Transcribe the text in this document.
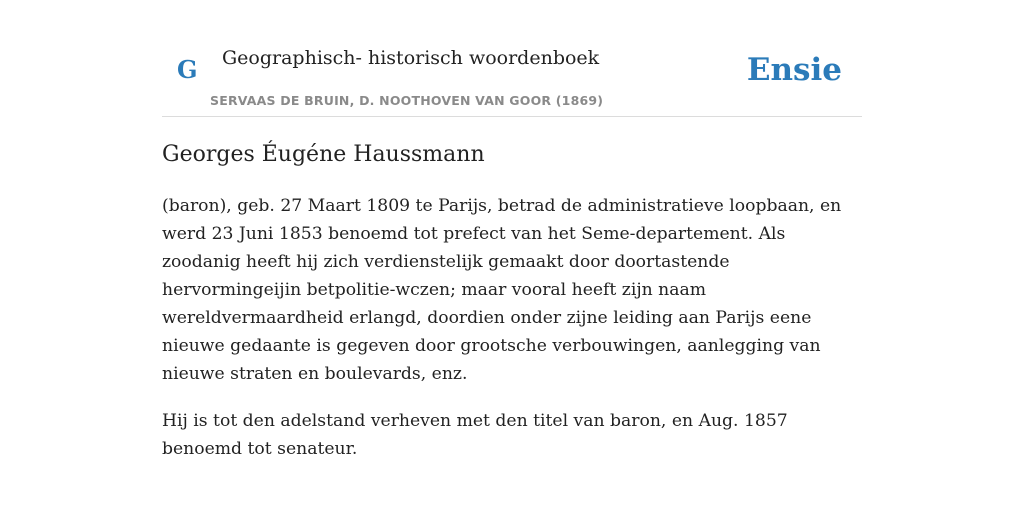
G Geographisch- historisch woordenboek
SERVAAS DE BRUIN, D. NOOTHOVEN VAN GOOR (1869)
Ensie
Georges Éugéne Haussmann

(baron), geb. 27 Maart 1809 te Parijs, betrad de administratieve loopbaan, en werd 23 Juni 1853 benoemd tot prefect van het Seme-departement. Als zoodanig heeft hij zich verdienstelijk gemaakt door doortastende hervormingeijin betpolitie-wczen; maar vooral heeft zijn naam wereldvermaardheid erlangd, doordien onder zijne leiding aan Parijs eene nieuwe gedaante is gegeven door grootsche verbouwingen, aanlegging van nieuwe straten en boulevards, enz.

Hij is tot den adelstand verheven met den titel van baron, en Aug. 1857 benoemd tot senateur.
